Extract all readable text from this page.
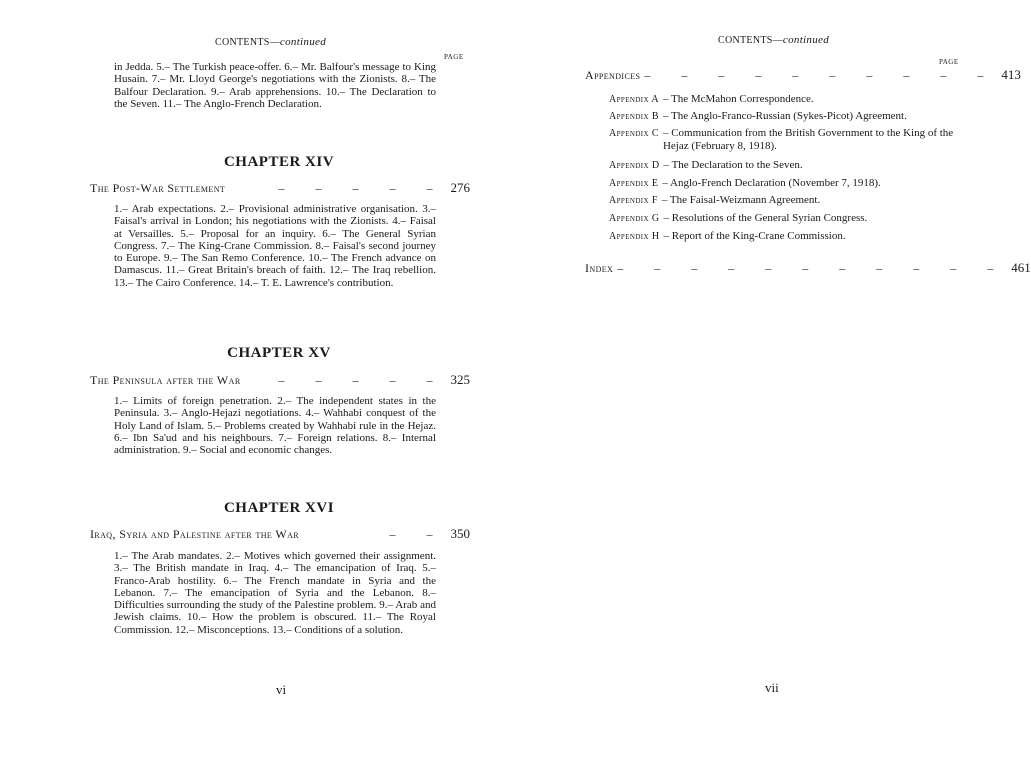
CONTENTS—continued
PAGE

in Jedda. 5.– The Turkish peace-offer. 6.– Mr. Balfour's message to King Husain. 7.– Mr. Lloyd George's negotiations with the Zionists. 8.– The Balfour Declaration. 9.– Arab apprehensions. 10.– The Declaration to the Seven. 11.– The Anglo-French Declaration.

CHAPTER XIV
The Post-War Settlement	– – – – – 276

1.– Arab expectations. 2.– Provisional administrative organisation. 3.– Faisal's arrival in London; his negotiations with the Zionists. 4.– Faisal at Versailles. 5.– Proposal for an inquiry. 6.– The General Syrian Congress. 7.– The King-Crane Commission. 8.– Faisal's second journey to Europe. 9.– The San Remo Conference. 10.– The French advance on Damascus. 11.– Great Britain's breach of faith. 12.– The Iraq rebellion. 13.– The Cairo Conference. 14.– T. E. Lawrence's contribution.

CHAPTER XV
The Peninsula after the War	– – – – – 325

1.– Limits of foreign penetration. 2.– The independent states in the Peninsula. 3.– Anglo-Hejazi negotiations. 4.– Wahhabi conquest of the Holy Land of Islam. 5.– Problems created by Wahhabi rule in the Hejaz. 6.– Ibn Sa'ud and his neighbours. 7.– Foreign relations. 8.– Internal administration. 9.– Social and economic changes.

CHAPTER XVI
Iraq, Syria and Palestine after the War	– – 350

1.– The Arab mandates. 2.– Motives which governed their assignment. 3.– The British mandate in Iraq. 4.– The emancipation of Iraq. 5.– Franco-Arab hostility. 6.– The French mandate in Syria and the Lebanon. 7.– The emancipation of Syria and the Lebanon. 8.– Difficulties surrounding the study of the Palestine problem. 9.– Arab and Jewish claims. 10.– How the problem is obscured. 11.– The Royal Commission. 12.– Misconceptions. 13.– Conditions of a solution.

vi
CONTENTS—continued
PAGE
Appendices – – – – – – – – – – 413
Appendix A – The McMahon Correspondence.
Appendix B – The Anglo-Franco-Russian (Sykes-Picot) Agreement.
Appendix C – Communication from the British Government to the King of the Hejaz (February 8, 1918).
Appendix D – The Declaration to the Seven.
Appendix E – Anglo-French Declaration (November 7, 1918).
Appendix F – The Faisal-Weizmann Agreement.
Appendix G – Resolutions of the General Syrian Congress.
Appendix H – Report of the King-Crane Commission.
Index – – – – – – – – – – – 461
vii
